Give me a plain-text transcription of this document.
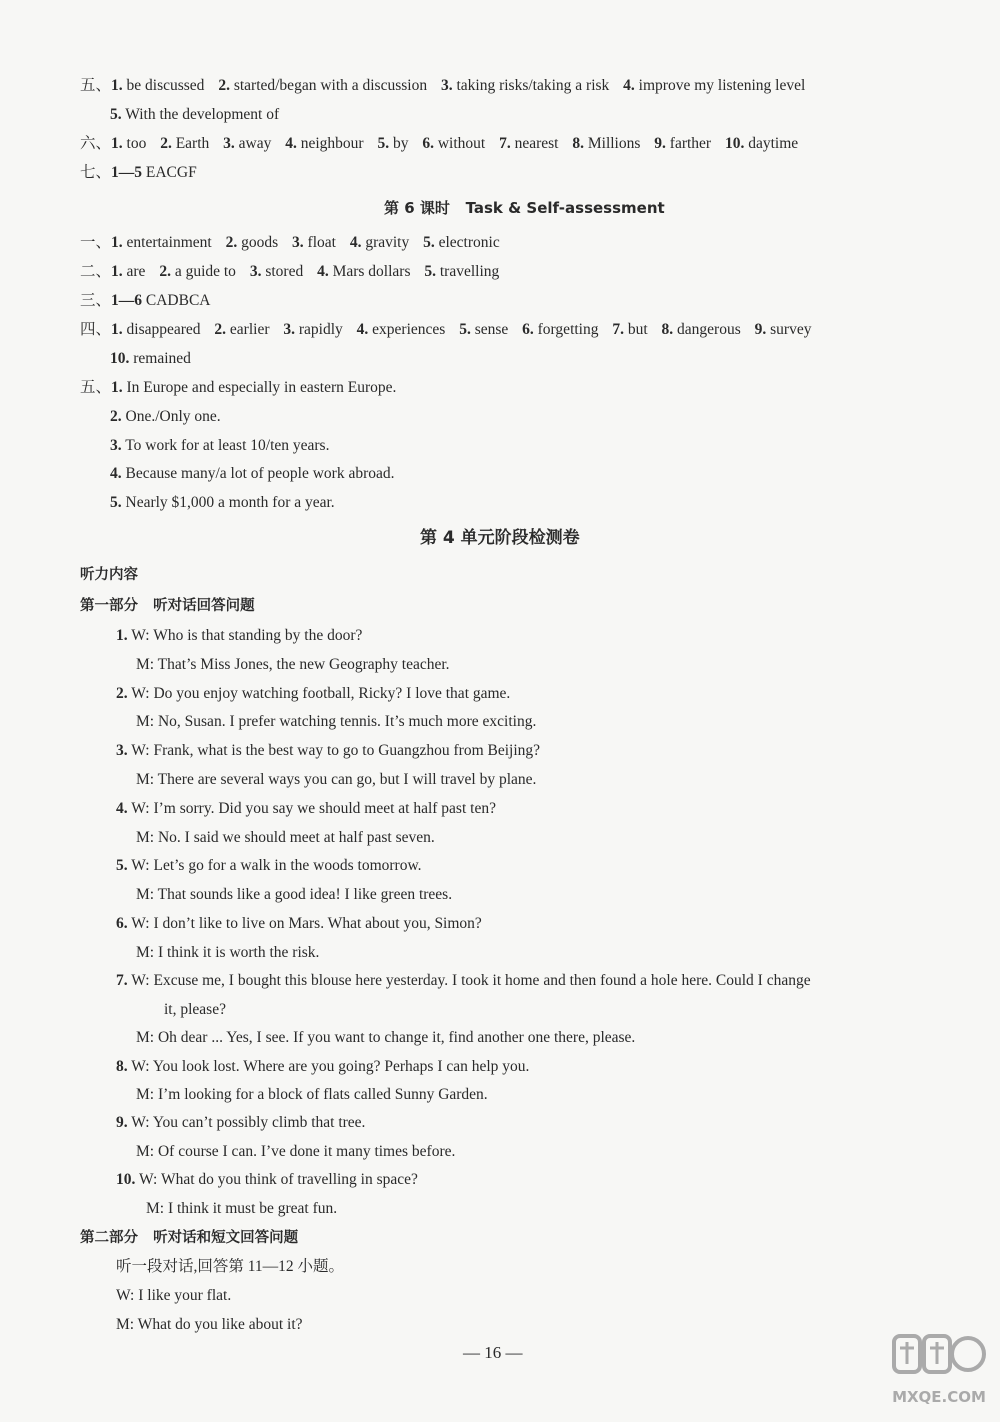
五、1. be discussed 2. started/began with a discussion 3. taking risks/taking a risk 4. improve my listening level
5. With the development of
六、1. too 2. Earth 3. away 4. neighbour 5. by 6. without 7. nearest 8. Millions 9. farther 10. daytime
七、1—5 EACGF
第 6 课时 Task & Self-assessment
一、1. entertainment 2. goods 3. float 4. gravity 5. electronic
二、1. are 2. a guide to 3. stored 4. Mars dollars 5. travelling
三、1—6 CADBCA
四、1. disappeared 2. earlier 3. rapidly 4. experiences 5. sense 6. forgetting 7. but 8. dangerous 9. survey
10. remained
五、1. In Europe and especially in eastern Europe.
2. One./Only one.
3. To work for at least 10/ten years.
4. Because many/a lot of people work abroad.
5. Nearly $1,000 a month for a year.
第 4 单元阶段检测卷
听力内容
第一部分 听对话回答问题
1. W: Who is that standing by the door?
M: That’s Miss Jones, the new Geography teacher.
2. W: Do you enjoy watching football, Ricky? I love that game.
M: No, Susan. I prefer watching tennis. It’s much more exciting.
3. W: Frank, what is the best way to go to Guangzhou from Beijing?
M: There are several ways you can go, but I will travel by plane.
4. W: I’m sorry. Did you say we should meet at half past ten?
M: No. I said we should meet at half past seven.
5. W: Let’s go for a walk in the woods tomorrow.
M: That sounds like a good idea! I like green trees.
6. W: I don’t like to live on Mars. What about you, Simon?
M: I think it is worth the risk.
7. W: Excuse me, I bought this blouse here yesterday. I took it home and then found a hole here. Could I change
it, please?
M: Oh dear ... Yes, I see. If you want to change it, find another one there, please.
8. W: You look lost. Where are you going? Perhaps I can help you.
M: I’m looking for a block of flats called Sunny Garden.
9. W: You can’t possibly climb that tree.
M: Of course I can. I’ve done it many times before.
10. W: What do you think of travelling in space?
M: I think it must be great fun.
第二部分 听对话和短文回答问题
听一段对话,回答第 11—12 小题。
W: I like your flat.
M: What do you like about it?
— 16 —
MXQE.COM
